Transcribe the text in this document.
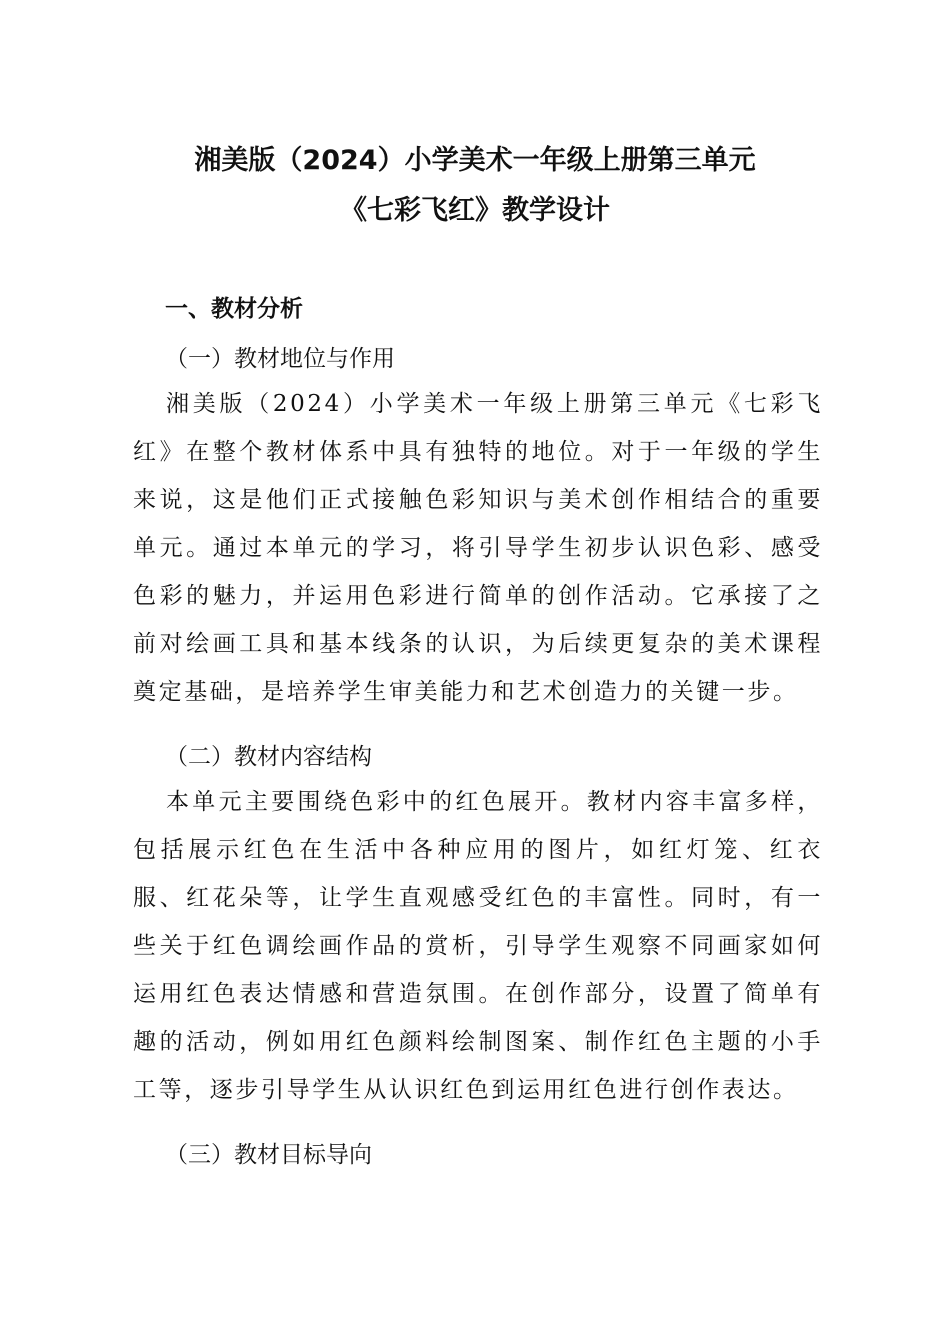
湘美版（2024）小学美术一年级上册第三单元
《七彩飞红》教学设计
一、教材分析
（一）教材地位与作用

湘美版（2024）小学美术一年级上册第三单元《七彩飞红》在整个教材体系中具有独特的地位。对于一年级的学生来说，这是他们正式接触色彩知识与美术创作相结合的重要单元。通过本单元的学习，将引导学生初步认识色彩、感受色彩的魅力，并运用色彩进行简单的创作活动。它承接了之前对绘画工具和基本线条的认识，为后续更复杂的美术课程奠定基础，是培养学生审美能力和艺术创造力的关键一步。

（二）教材内容结构

本单元主要围绕色彩中的红色展开。教材内容丰富多样，包括展示红色在生活中各种应用的图片，如红灯笼、红衣服、红花朵等，让学生直观感受红色的丰富性。同时，有一些关于红色调绘画作品的赏析，引导学生观察不同画家如何运用红色表达情感和营造氛围。在创作部分，设置了简单有趣的活动，例如用红色颜料绘制图案、制作红色主题的小手工等，逐步引导学生从认识红色到运用红色进行创作表达。

（三）教材目标导向
